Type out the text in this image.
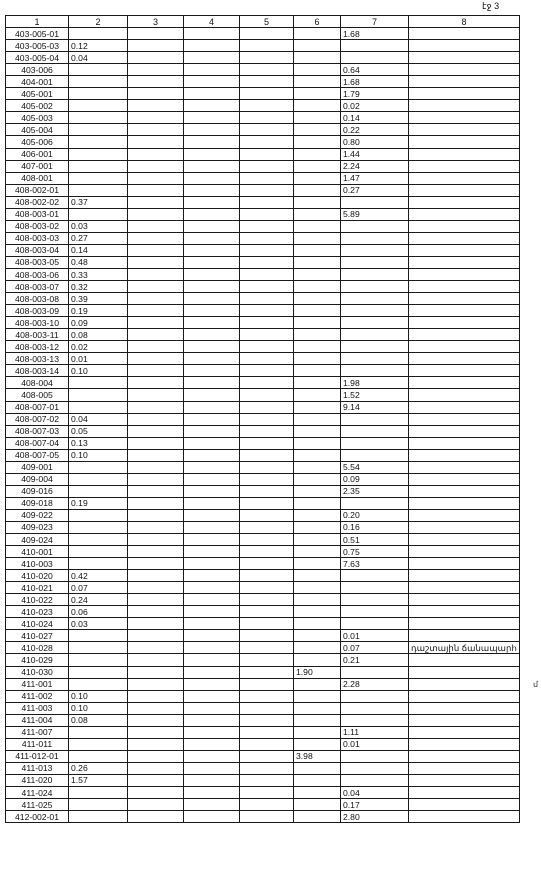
էջ 3
մ
1	2	3	4	5	6	7	8
403-005-01						1.68	
403-005-03	0.12						
403-005-04	0.04						
403-006						0.64	
404-001						1.68	
405-001						1.79	
405-002						0.02	
405-003						0.14	
405-004						0.22	
405-006						0.80	
406-001						1.44	
407-001						2.24	
408-001						1.47	
408-002-01						0.27	
408-002-02	0.37						
408-003-01						5.89	
408-003-02	0.03						
408-003-03	0.27						
408-003-04	0.14						
408-003-05	0.48						
408-003-06	0.33						
408-003-07	0.32						
408-003-08	0.39						
408-003-09	0.19						
408-003-10	0.09						
408-003-11	0.08						
408-003-12	0.02						
408-003-13	0.01						
408-003-14	0.10						
408-004						1.98	
408-005						1.52	
408-007-01						9.14	
408-007-02	0.04						
408-007-03	0.05						
408-007-04	0.13						
408-007-05	0.10						
409-001						5.54	
409-004						0.09	
409-016						2.35	
409-018	0.19						
409-022						0.20	
409-023						0.16	
409-024						0.51	
410-001						0.75	
410-003						7.63	
410-020	0.42						
410-021	0.07						
410-022	0.24						
410-023	0.06						
410-024	0.03						
410-027						0.01	
410-028						0.07	դաշտային ճանապարհ
410-029						0.21	
410-030					1.90		
411-001						2.28	
411-002	0.10						
411-003	0.10						
411-004	0.08						
411-007						1.11	
411-011						0.01	
411-012-01					3.98		
411-013	0.26						
411-020	1.57						
411-024						0.04	
411-025						0.17	
412-002-01						2.80	
